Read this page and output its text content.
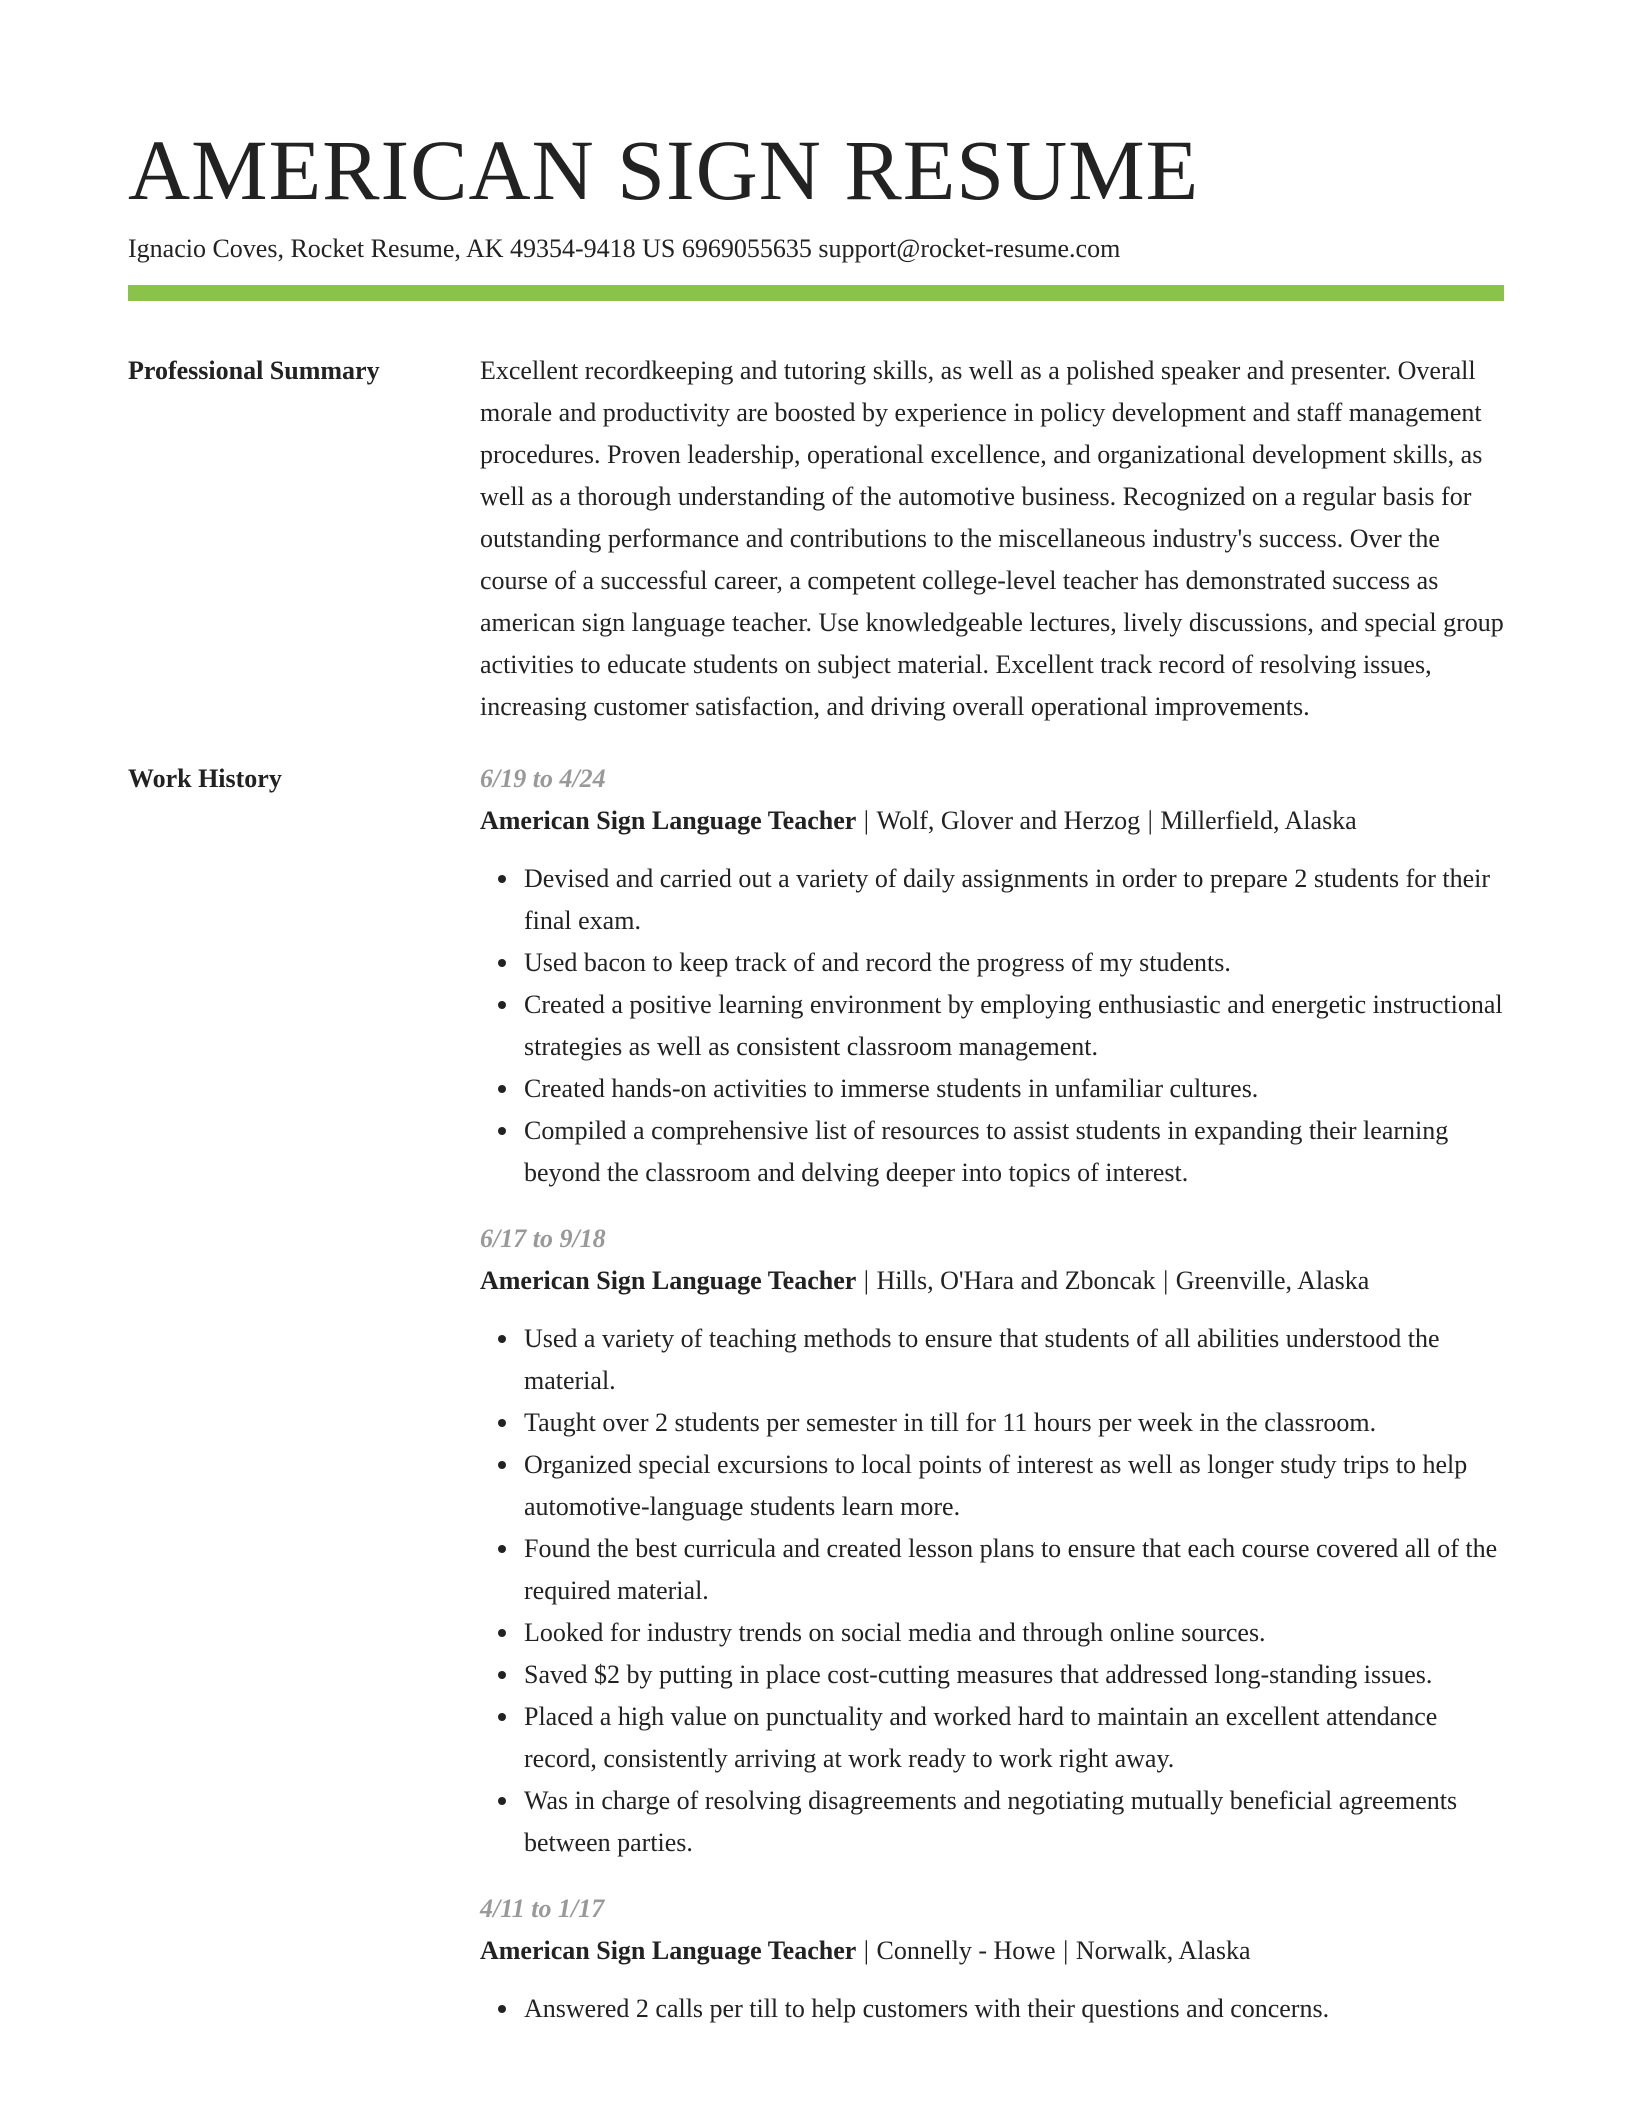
AMERICAN SIGN RESUME
Ignacio Coves, Rocket Resume, AK 49354-9418 US 6969055635 support@rocket-resume.com
Professional Summary	Excellent recordkeeping and tutoring skills, as well as a polished speaker and presenter. Overall morale and productivity are boosted by experience in policy development and staff management procedures. Proven leadership, operational excellence, and organizational development skills, as well as a thorough understanding of the automotive business. Recognized on a regular basis for outstanding performance and contributions to the miscellaneous industry's success. Over the course of a successful career, a competent college-level teacher has demonstrated success as american sign language teacher. Use knowledgeable lectures, lively discussions, and special group activities to educate students on subject material. Excellent track record of resolving issues, increasing customer satisfaction, and driving overall operational improvements.

Work History	6/19 to 4/24
American Sign Language Teacher | Wolf, Glover and Herzog | Millerfield, Alaska
Devised and carried out a variety of daily assignments in order to prepare 2 students for their final exam.
Used bacon to keep track of and record the progress of my students.
Created a positive learning environment by employing enthusiastic and energetic instructional strategies as well as consistent classroom management.
Created hands-on activities to immerse students in unfamiliar cultures.
Compiled a comprehensive list of resources to assist students in expanding their learning beyond the classroom and delving deeper into topics of interest.
6/17 to 9/18
American Sign Language Teacher | Hills, O'Hara and Zboncak | Greenville, Alaska
Used a variety of teaching methods to ensure that students of all abilities understood the material.
Taught over 2 students per semester in till for 11 hours per week in the classroom.
Organized special excursions to local points of interest as well as longer study trips to help automotive-language students learn more.
Found the best curricula and created lesson plans to ensure that each course covered all of the required material.
Looked for industry trends on social media and through online sources.
Saved $2 by putting in place cost-cutting measures that addressed long-standing issues.
Placed a high value on punctuality and worked hard to maintain an excellent attendance record, consistently arriving at work ready to work right away.
Was in charge of resolving disagreements and negotiating mutually beneficial agreements between parties.
4/11 to 1/17
American Sign Language Teacher | Connelly - Howe | Norwalk, Alaska
Answered 2 calls per till to help customers with their questions and concerns.
